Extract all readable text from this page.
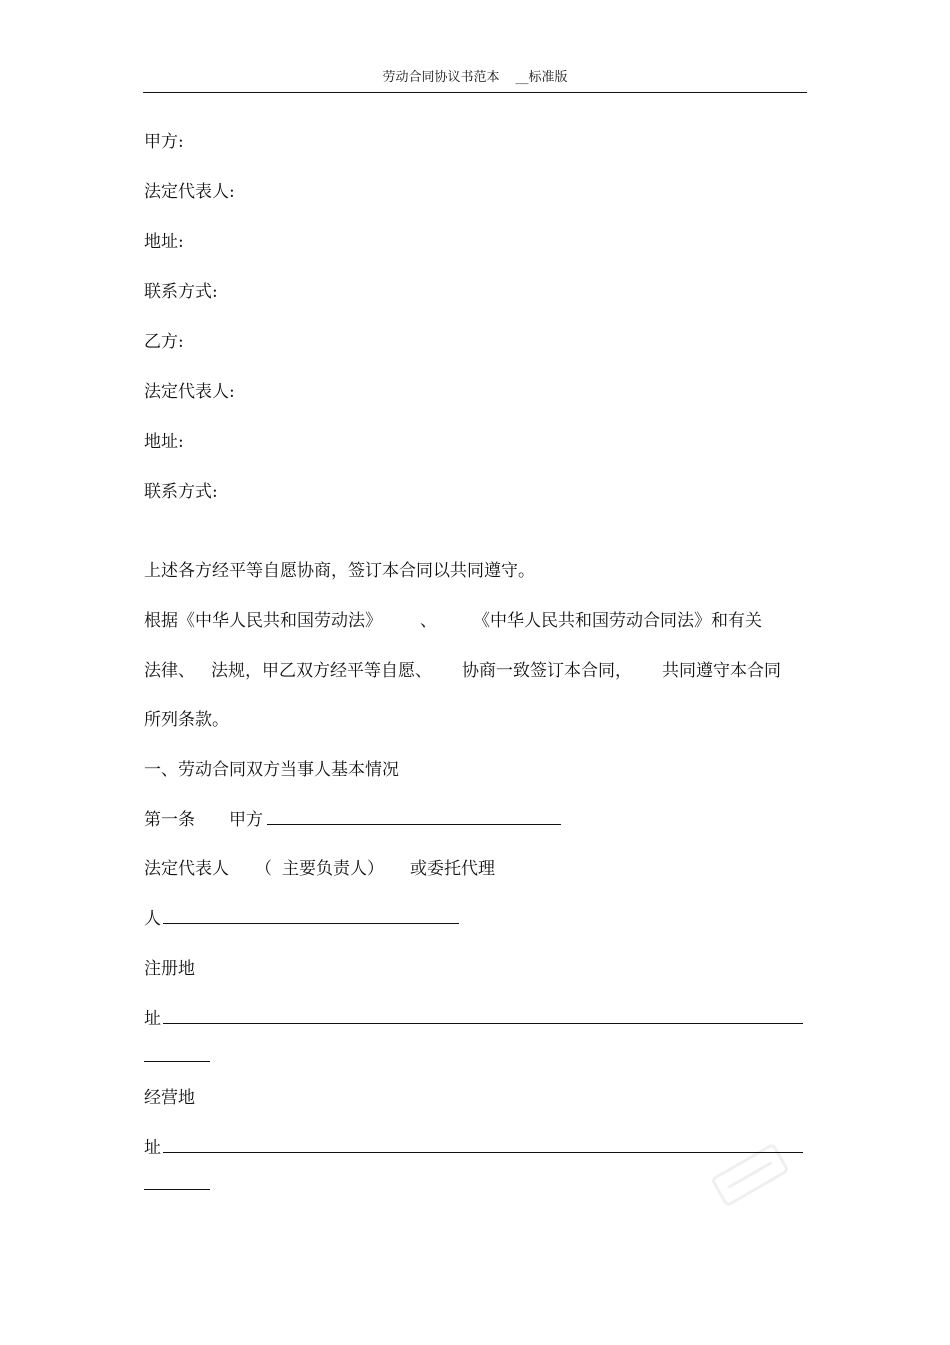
劳动合同协议书范本 __标准版
甲方:
法定代表人:
地址:
联系方式:
乙方:
法定代表人:
地址:
联系方式:
上述各方经平等自愿协商，签订本合同以共同遵守。
根据《中华人民共和国劳动法》 、 《中华人民共和国劳动合同法》和有关
法律、 法规，甲乙双方经平等自愿、 协商一致签订本合同， 共同遵守本合同
所列条款。
一、劳动合同双方当事人基本情况
第一条 甲方
法定代表人 （ 主要负责人） 或委托代理
人
注册地
址
经营地
址
